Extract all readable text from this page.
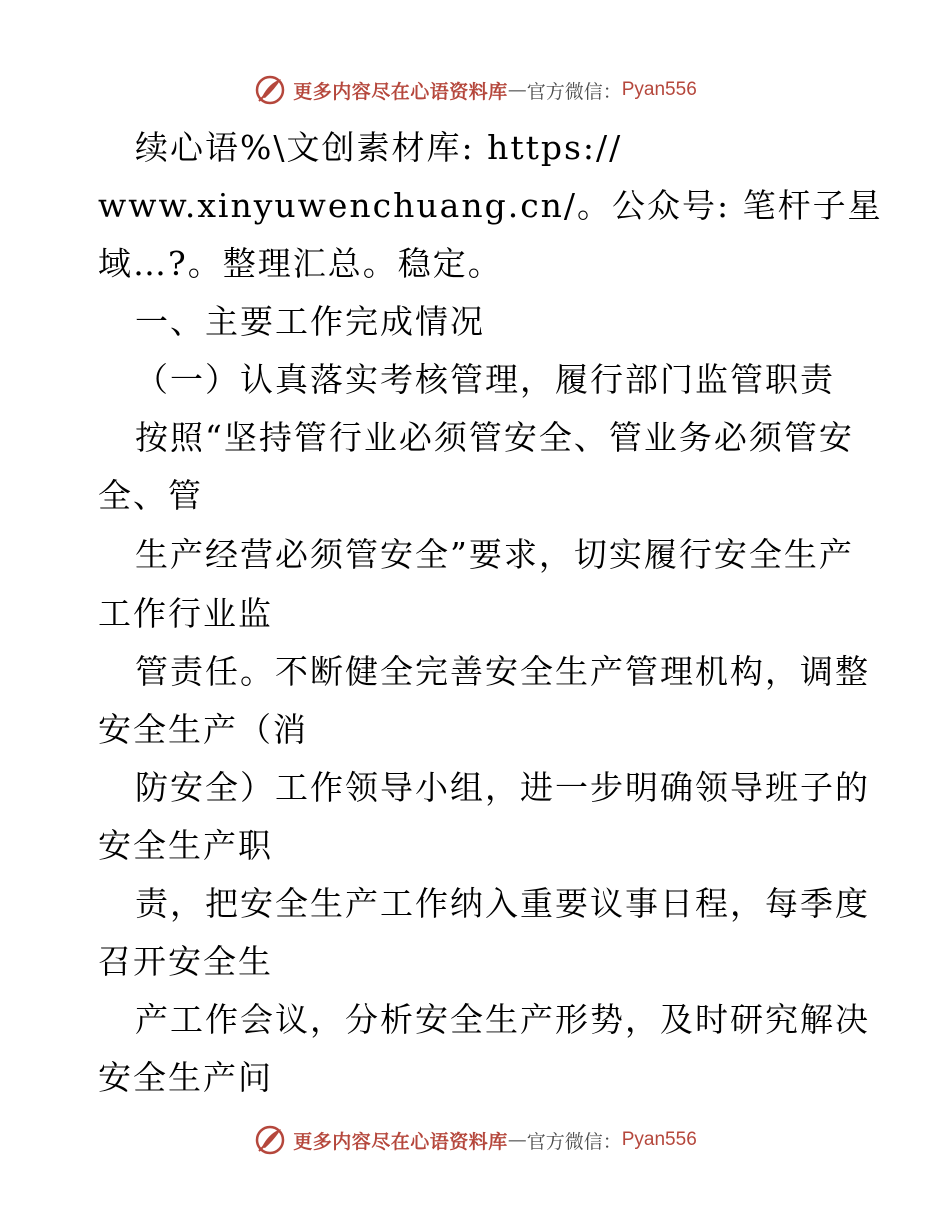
更多内容尽在心语资料库 — 官方微信： Pyan556
续心语%\文创素材库: https://
www.xinyuwenchuang.cn/。公众号: 笔杆子星
域…?。整理汇总。稳定。
一、主要工作完成情况
（一）认真落实考核管理，履行部门监管职责
按照“坚持管行业必须管安全、管业务必须管安
全、管
生产经营必须管安全”要求，切实履行安全生产
工作行业监
管责任。不断健全完善安全生产管理机构，调整
安全生产（消
防安全）工作领导小组，进一步明确领导班子的
安全生产职
责，把安全生产工作纳入重要议事日程，每季度
召开安全生
产工作会议，分析安全生产形势，及时研究解决
安全生产问
更多内容尽在心语资料库 — 官方微信： Pyan556
